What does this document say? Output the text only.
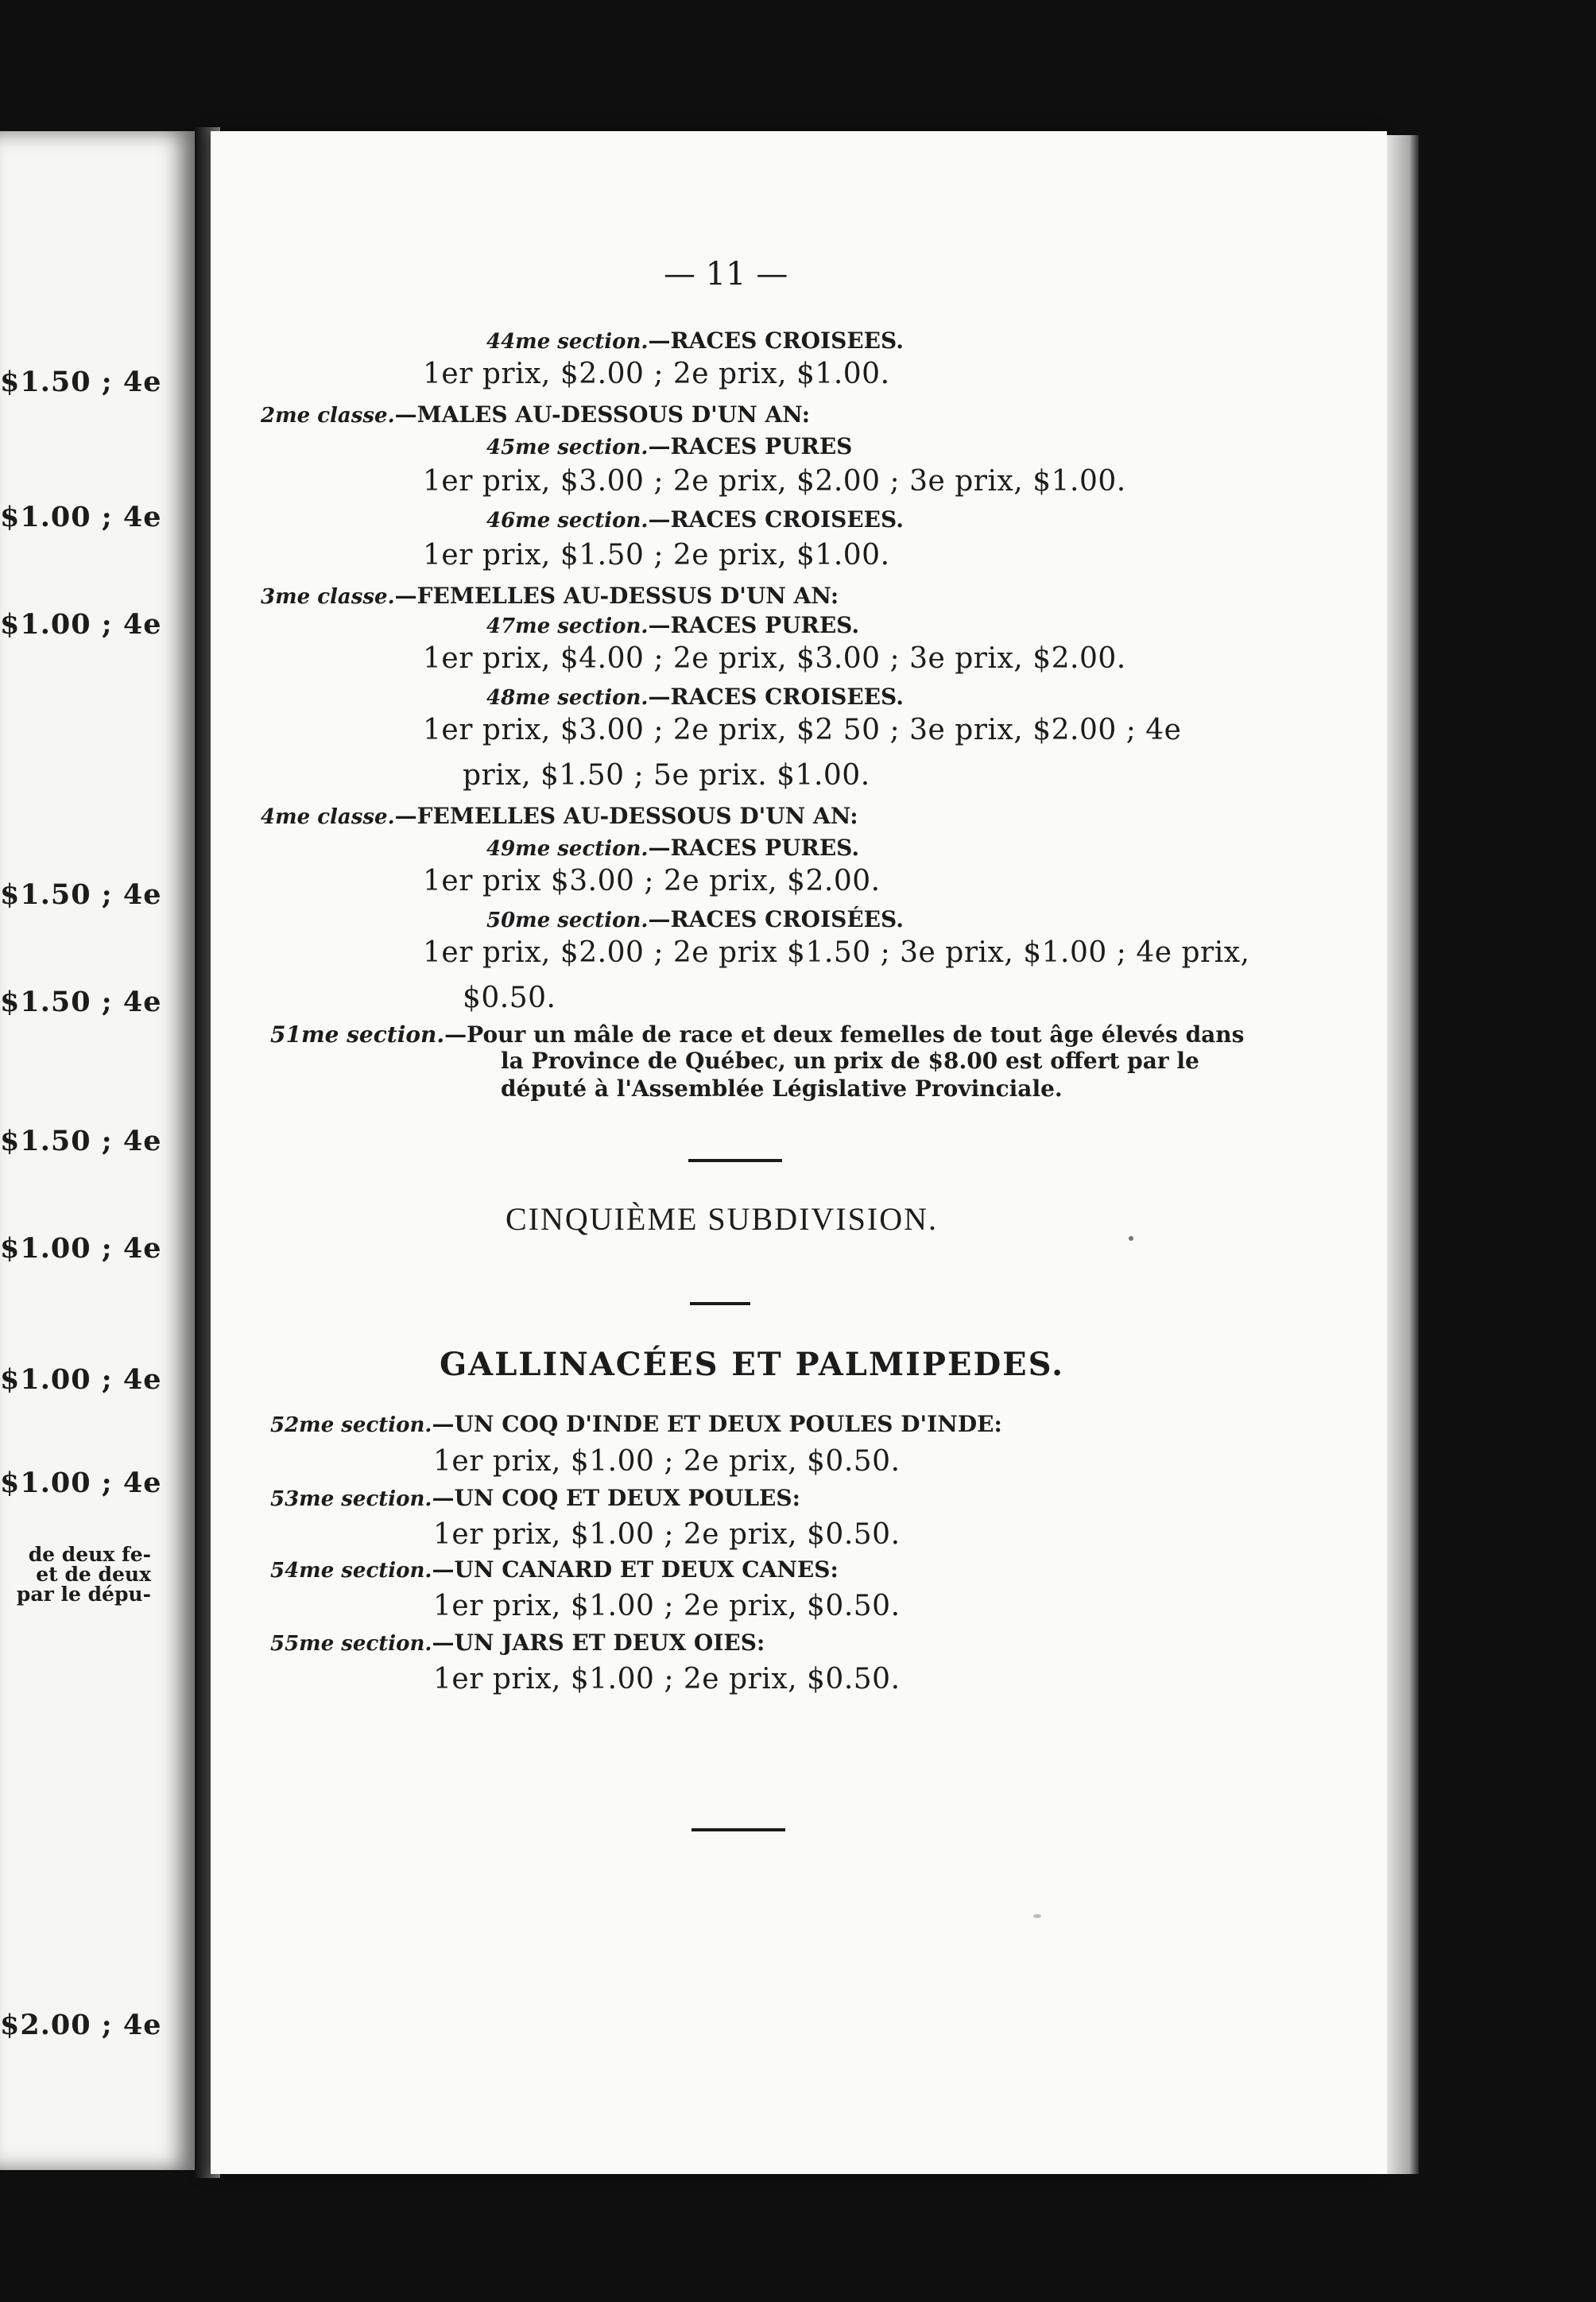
$1.50 ; 4e
$1.00 ; 4e
$1.00 ; 4e
$1.50 ; 4e
$1.50 ; 4e
$1.50 ; 4e
$1.00 ; 4e
$1.00 ; 4e
$1.00 ; 4e
de deux fe-
et de deux
par le dépu-
$2.00 ; 4e
— 11 —
44me section.—RACES CROISEES.
1er prix, $2.00 ; 2e prix, $1.00.
2me classe.—MALES AU-DESSOUS D'UN AN:
45me section.—RACES PURES
1er prix, $3.00 ; 2e prix, $2.00 ; 3e prix, $1.00.
46me section.—RACES CROISEES.
1er prix, $1.50 ; 2e prix, $1.00.
3me classe.—FEMELLES AU-DESSUS D'UN AN:
47me section.—RACES PURES.
1er prix, $4.00 ; 2e prix, $3.00 ; 3e prix, $2.00.
48me section.—RACES CROISEES.
1er prix, $3.00 ; 2e prix, $2 50 ; 3e prix, $2.00 ; 4e
prix, $1.50 ; 5e prix. $1.00.
4me classe.—FEMELLES AU-DESSOUS D'UN AN:
49me section.—RACES PURES.
1er prix $3.00 ; 2e prix, $2.00.
50me section.—RACES CROISÉES.
1er prix, $2.00 ; 2e prix $1.50 ; 3e prix, $1.00 ; 4e prix,
$0.50.
51me section.—Pour un mâle de race et deux femelles de tout âge élevés dans
la Province de Québec, un prix de $8.00 est offert par le
député à l'Assemblée Législative Provinciale.
CINQUIÈME SUBDIVISION.
GALLINACÉES ET PALMIPEDES.
52me section.—UN COQ D'INDE ET DEUX POULES D'INDE:
1er prix, $1.00 ; 2e prix, $0.50.
53me section.—UN COQ ET DEUX POULES:
1er prix, $1.00 ; 2e prix, $0.50.
54me section.—UN CANARD ET DEUX CANES:
1er prix, $1.00 ; 2e prix, $0.50.
55me section.—UN JARS ET DEUX OIES:
1er prix, $1.00 ; 2e prix, $0.50.
